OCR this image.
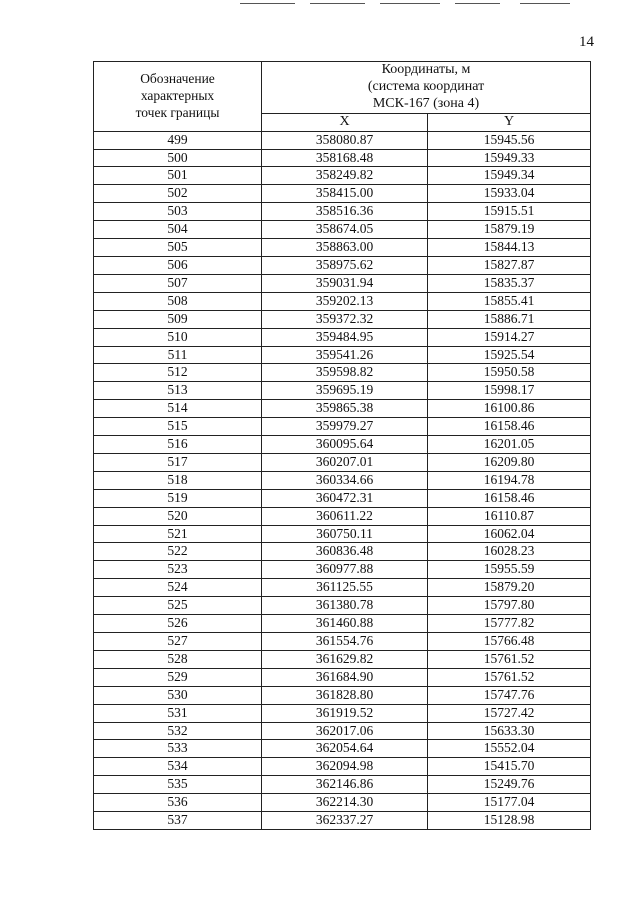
14
Обозначение
характерных
точек границы	Координаты, м
(система координат
МСК-167 (зона 4)	

	X	Y
499	358080.87	15945.56
500	358168.48	15949.33
501	358249.82	15949.34
502	358415.00	15933.04
503	358516.36	15915.51
504	358674.05	15879.19
505	358863.00	15844.13
506	358975.62	15827.87
507	359031.94	15835.37
508	359202.13	15855.41
509	359372.32	15886.71
510	359484.95	15914.27
511	359541.26	15925.54
512	359598.82	15950.58
513	359695.19	15998.17
514	359865.38	16100.86
515	359979.27	16158.46
516	360095.64	16201.05
517	360207.01	16209.80
518	360334.66	16194.78
519	360472.31	16158.46
520	360611.22	16110.87
521	360750.11	16062.04
522	360836.48	16028.23
523	360977.88	15955.59
524	361125.55	15879.20
525	361380.78	15797.80
526	361460.88	15777.82
527	361554.76	15766.48
528	361629.82	15761.52
529	361684.90	15761.52
530	361828.80	15747.76
531	361919.52	15727.42
532	362017.06	15633.30
533	362054.64	15552.04
534	362094.98	15415.70
535	362146.86	15249.76
536	362214.30	15177.04
537	362337.27	15128.98
